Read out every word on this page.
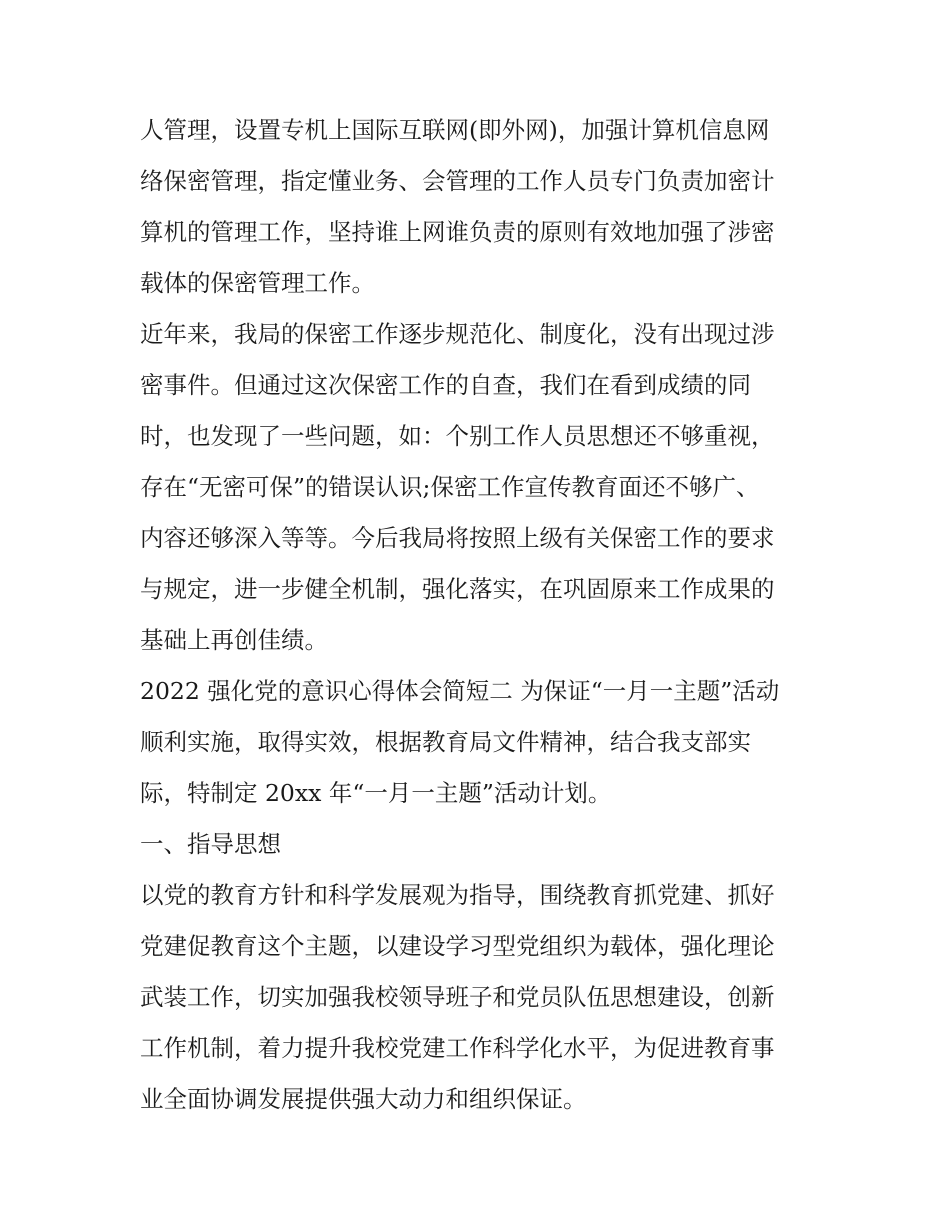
人管理，设置专机上国际互联网(即外网)，加强计算机信息网
络保密管理，指定懂业务、会管理的工作人员专门负责加密计
算机的管理工作，坚持谁上网谁负责的原则有效地加强了涉密
载体的保密管理工作。
近年来，我局的保密工作逐步规范化、制度化，没有出现过涉
密事件。但通过这次保密工作的自查，我们在看到成绩的同
时，也发现了一些问题，如：个别工作人员思想还不够重视，
存在“无密可保”的错误认识;保密工作宣传教育面还不够广、
内容还够深入等等。今后我局将按照上级有关保密工作的要求
与规定，进一步健全机制，强化落实，在巩固原来工作成果的
基础上再创佳绩。
2022 强化党的意识心得体会简短二 为保证“一月一主题”活动
顺利实施，取得实效，根据教育局文件精神，结合我支部实
际，特制定 20xx 年“一月一主题”活动计划。
一、指导思想
以党的教育方针和科学发展观为指导，围绕教育抓党建、抓好
党建促教育这个主题，以建设学习型党组织为载体，强化理论
武装工作，切实加强我校领导班子和党员队伍思想建设，创新
工作机制，着力提升我校党建工作科学化水平，为促进教育事
业全面协调发展提供强大动力和组织保证。
